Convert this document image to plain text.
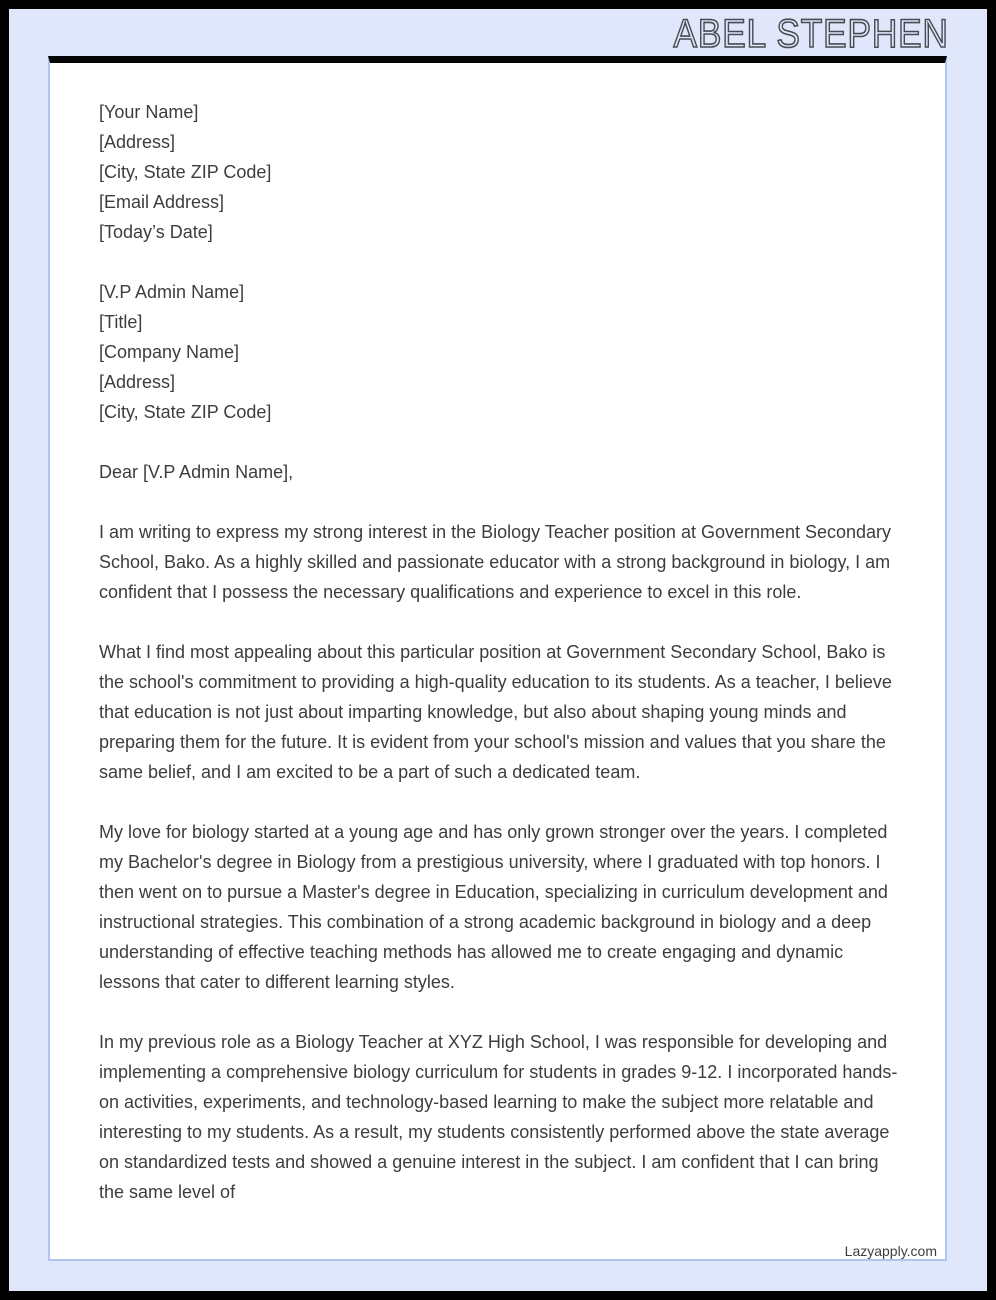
ABEL STEPHEN
[Your Name]
[Address]
[City, State ZIP Code]
[Email Address]
[Today’s Date]
[V.P Admin Name]
[Title]
[Company Name]
[Address]
[City, State ZIP Code]
Dear [V.P Admin Name],

I am writing to express my strong interest in the Biology Teacher position at Government Secondary School, Bako. As a highly skilled and passionate educator with a strong background in biology, I am confident that I possess the necessary qualifications and experience to excel in this role.

What I find most appealing about this particular position at Government Secondary School, Bako is the school's commitment to providing a high-quality education to its students. As a teacher, I believe that education is not just about imparting knowledge, but also about shaping young minds and preparing them for the future. It is evident from your school's mission and values that you share the same belief, and I am excited to be a part of such a dedicated team.

My love for biology started at a young age and has only grown stronger over the years. I completed my Bachelor's degree in Biology from a prestigious university, where I graduated with top honors. I then went on to pursue a Master's degree in Education, specializing in curriculum development and instructional strategies. This combination of a strong academic background in biology and a deep understanding of effective teaching methods has allowed me to create engaging and dynamic lessons that cater to different learning styles.

In my previous role as a Biology Teacher at XYZ High School, I was responsible for developing and implementing a comprehensive biology curriculum for students in grades 9-12. I incorporated hands-on activities, experiments, and technology-based learning to make the subject more relatable and interesting to my students. As a result, my students consistently performed above the state average on standardized tests and showed a genuine interest in the subject. I am confident that I can bring the same level of

Lazyapply.com
